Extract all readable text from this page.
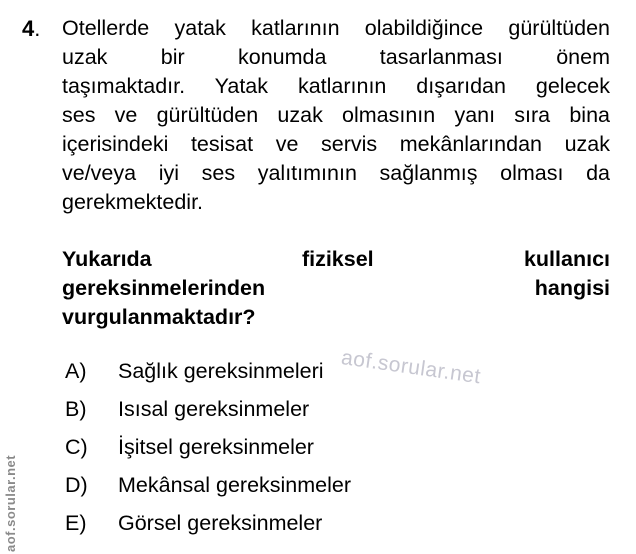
aof.sorular.net
aof.sorular.net
4. Otellerde yatak katlarının olabildiğince gürültüden
uzak bir konumda tasarlanması önem
taşımaktadır. Yatak katlarının dışarıdan gelecek
ses ve gürültüden uzak olmasının yanı sıra bina
içerisindeki tesisat ve servis mekânlarından uzak
ve/veya iyi ses yalıtımının sağlanmış olması da
gerekmektedir.
Yukarıda fiziksel kullanıcı
gereksinmelerinden hangisi
vurgulanmaktadır?
A)	Sağlık gereksinmeleri
B)	Isısal gereksinmeler
C)	İşitsel gereksinmeler
D)	Mekânsal gereksinmeler
E)	Görsel gereksinmeler
